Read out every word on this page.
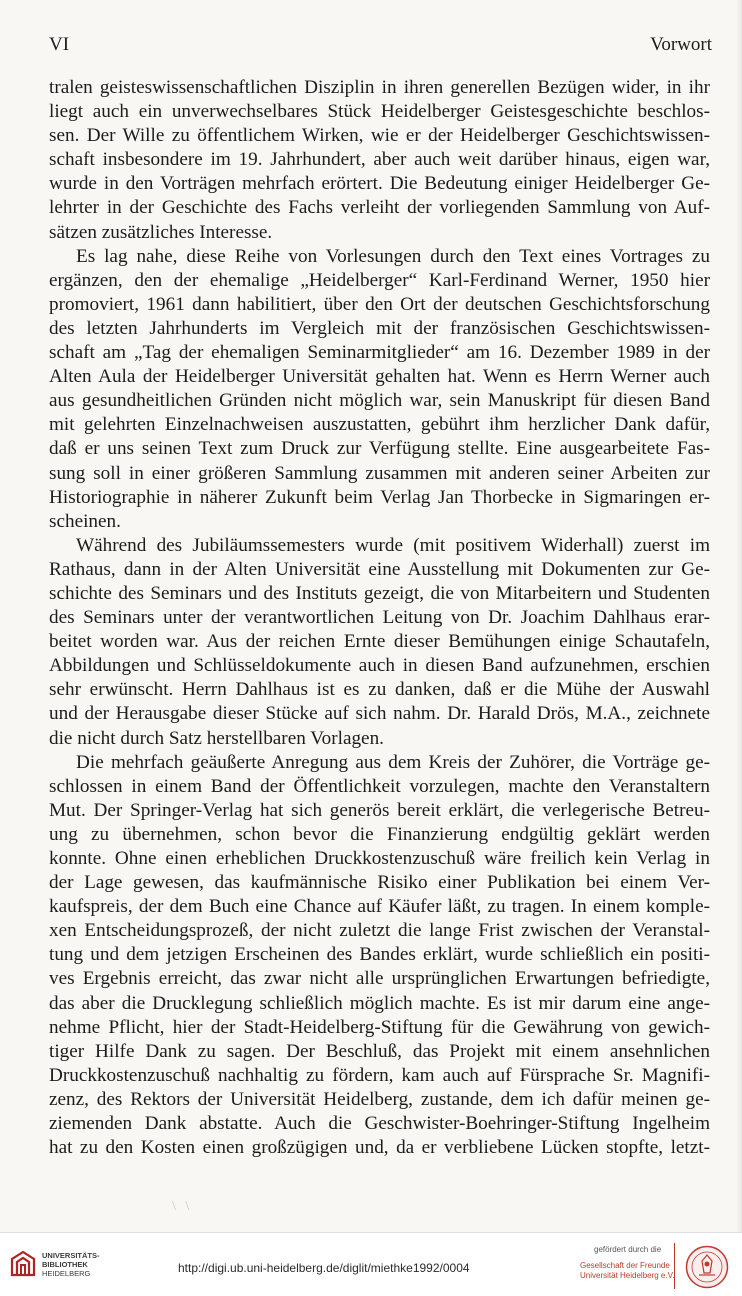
VI	Vorwort
tralen geisteswissenschaftlichen Disziplin in ihren generellen Bezügen wider, in ihr
liegt auch ein unverwechselbares Stück Heidelberger Geistesgeschichte beschlos-
sen. Der Wille zu öffentlichem Wirken, wie er der Heidelberger Geschichtswissen-
schaft insbesondere im 19. Jahrhundert, aber auch weit darüber hinaus, eigen war,
wurde in den Vorträgen mehrfach erörtert. Die Bedeutung einiger Heidelberger Ge-
lehrter in der Geschichte des Fachs verleiht der vorliegenden Sammlung von Auf-
sätzen zusätzliches Interesse.
Es lag nahe, diese Reihe von Vorlesungen durch den Text eines Vortrages zu
ergänzen, den der ehemalige „Heidelberger“ Karl-Ferdinand Werner, 1950 hier
promoviert, 1961 dann habilitiert, über den Ort der deutschen Geschichtsforschung
des letzten Jahrhunderts im Vergleich mit der französischen Geschichtswissen-
schaft am „Tag der ehemaligen Seminarmitglieder“ am 16. Dezember 1989 in der
Alten Aula der Heidelberger Universität gehalten hat. Wenn es Herrn Werner auch
aus gesundheitlichen Gründen nicht möglich war, sein Manuskript für diesen Band
mit gelehrten Einzelnachweisen auszustatten, gebührt ihm herzlicher Dank dafür,
daß er uns seinen Text zum Druck zur Verfügung stellte. Eine ausgearbeitete Fas-
sung soll in einer größeren Sammlung zusammen mit anderen seiner Arbeiten zur
Historiographie in näherer Zukunft beim Verlag Jan Thorbecke in Sigmaringen er-
scheinen.
Während des Jubiläumssemesters wurde (mit positivem Widerhall) zuerst im
Rathaus, dann in der Alten Universität eine Ausstellung mit Dokumenten zur Ge-
schichte des Seminars und des Instituts gezeigt, die von Mitarbeitern und Studenten
des Seminars unter der verantwortlichen Leitung von Dr. Joachim Dahlhaus erar-
beitet worden war. Aus der reichen Ernte dieser Bemühungen einige Schautafeln,
Abbildungen und Schlüsseldokumente auch in diesen Band aufzunehmen, erschien
sehr erwünscht. Herrn Dahlhaus ist es zu danken, daß er die Mühe der Auswahl
und der Herausgabe dieser Stücke auf sich nahm. Dr. Harald Drös, M.A., zeichnete
die nicht durch Satz herstellbaren Vorlagen.
Die mehrfach geäußerte Anregung aus dem Kreis der Zuhörer, die Vorträge ge-
schlossen in einem Band der Öffentlichkeit vorzulegen, machte den Veranstaltern
Mut. Der Springer-Verlag hat sich generös bereit erklärt, die verlegerische Betreu-
ung zu übernehmen, schon bevor die Finanzierung endgültig geklärt werden
konnte. Ohne einen erheblichen Druckkostenzuschuß wäre freilich kein Verlag in
der Lage gewesen, das kaufmännische Risiko einer Publikation bei einem Ver-
kaufspreis, der dem Buch eine Chance auf Käufer läßt, zu tragen. In einem komple-
xen Entscheidungsprozeß, der nicht zuletzt die lange Frist zwischen der Veranstal-
tung und dem jetzigen Erscheinen des Bandes erklärt, wurde schließlich ein positi-
ves Ergebnis erreicht, das zwar nicht alle ursprünglichen Erwartungen befriedigte,
das aber die Drucklegung schließlich möglich machte. Es ist mir darum eine ange-
nehme Pflicht, hier der Stadt-Heidelberg-Stiftung für die Gewährung von gewich-
tiger Hilfe Dank zu sagen. Der Beschluß, das Projekt mit einem ansehnlichen
Druckkostenzuschuß nachhaltig zu fördern, kam auch auf Fürsprache Sr. Magnifi-
zenz, des Rektors der Universität Heidelberg, zustande, dem ich dafür meinen ge-
ziemenden Dank abstatte. Auch die Geschwister-Boehringer-Stiftung Ingelheim
hat zu den Kosten einen großzügigen und, da er verbliebene Lücken stopfte, letzt-
\ \
UNIVERSITÄTS-
BIBLIOTHEK
HEIDELBERG	http://digi.ub.uni-heidelberg.de/diglit/miethke1992/0004
gefördert durch die
Gesellschaft der Freunde
Universität Heidelberg e.V.
